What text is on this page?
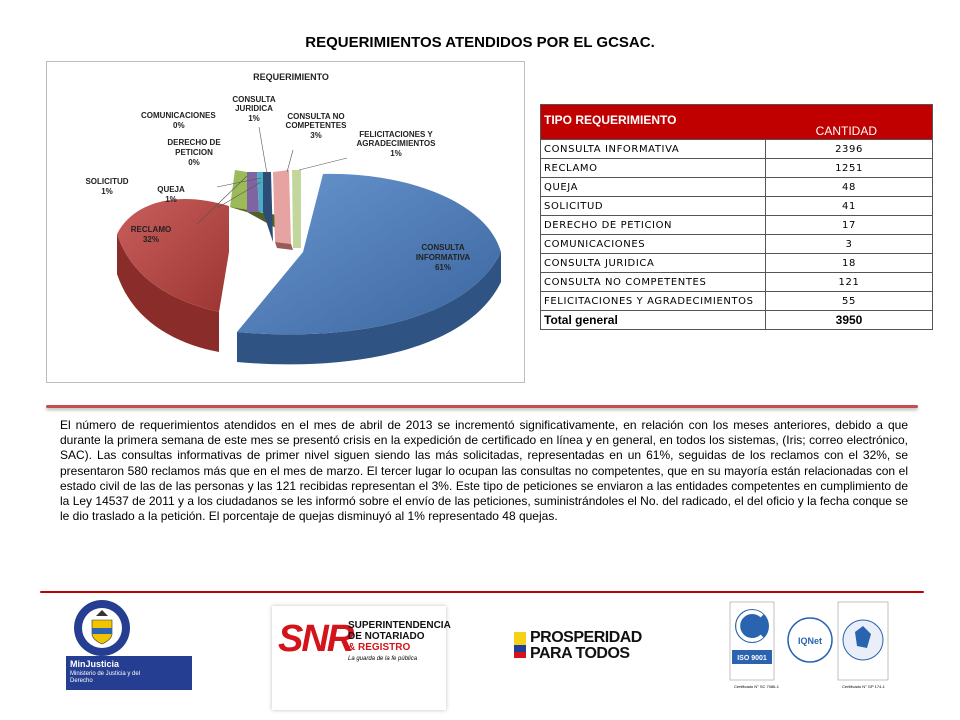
REQUERIMIENTOS ATENDIDOS POR EL GCSAC.
REQUERIMIENTO
COMUNICACIONES 0%
CONSULTA JURIDICA 1%	CONSULTA NO COMPETENTES 3%	FELICITACIONES Y AGRADECIMIENTOS 1%
DERECHO DE PETICION 0%
SOLICITUD 1%	QUEJA 1%
RECLAMO 32%
CONSULTA INFORMATIVA 61%
TIPO REQUERIMIENTO
CANTIDAD	

CONSULTA INFORMATIVA	2396
RECLAMO	1251
QUEJA	48
SOLICITUD	41
DERECHO DE PETICION	17
COMUNICACIONES	3
CONSULTA JURIDICA	18
CONSULTA NO COMPETENTES	121
FELICITACIONES Y AGRADECIMIENTOS	55
Total general	3950
El número de requerimientos atendidos en el mes de abril de 2013 se incrementó significativamente, en relación con los meses anteriores, debido a que durante la primera semana de este mes se presentó crisis en la expedición de certificado en línea y en general, en todos los sistemas, (Iris; correo electrónico, SAC). Las consultas informativas de primer nivel siguen siendo las más solicitadas, representadas en un 61%, seguidas de los reclamos con el 32%, se presentaron 580 reclamos más que en el mes de marzo. El tercer lugar lo ocupan las consultas no competentes, que en su mayoría están relacionadas con el estado civil de las de las personas y las 121 recibidas representan el 3%. Este tipo de peticiones se enviaron a las entidades competentes en cumplimiento de la Ley 14537 de 2011 y a los ciudadanos se les informó sobre el envío de las peticiones, suministrándoles el No. del radicado, el del oficio y la fecha conque se le dio traslado a la petición. El porcentaje de quejas disminuyó al 1% representado 48 quejas.
MinJusticia
Ministerio de Justicia y del Derecho
SNR
SUPERINTENDENCIA
DE NOTARIADO
& REGISTRO
La guarda de la fe pública
PROSPERIDAD
PARA TODOS	ISO 9001
IQNet
Certificado N° SC 7086-1	Certificado N° GP 174-1
